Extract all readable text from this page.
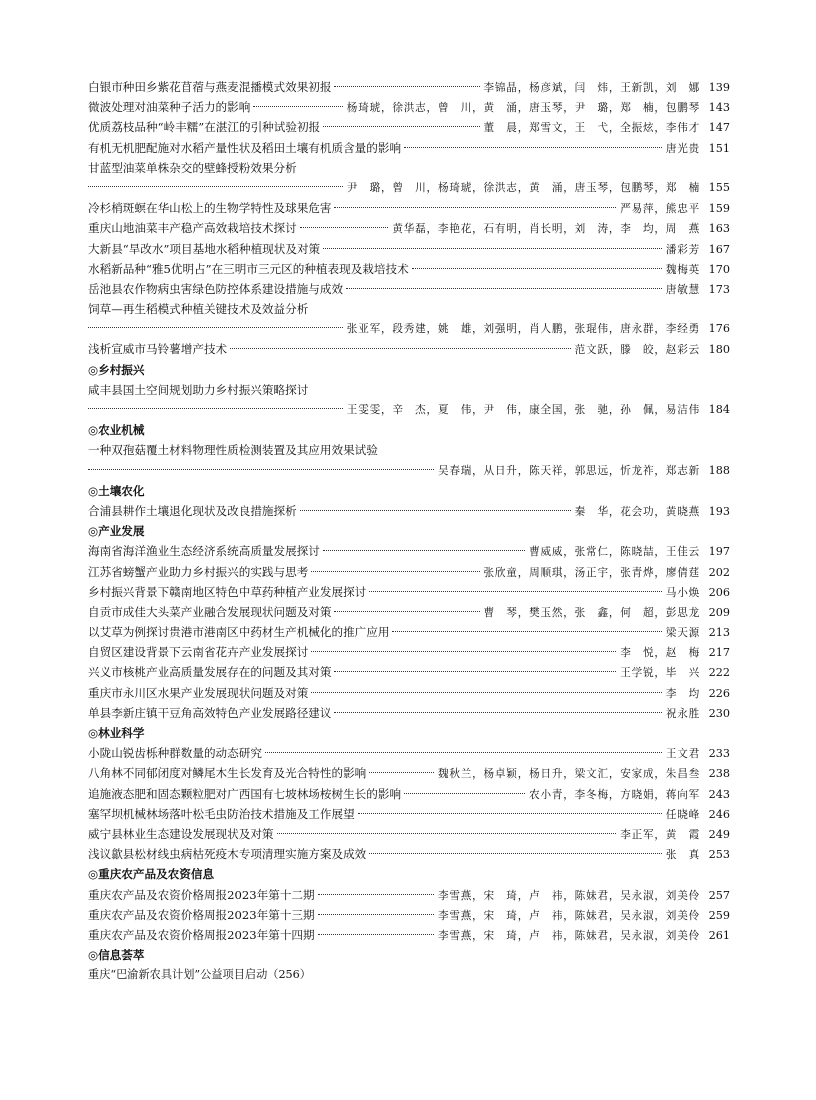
白银市种田乡紫花苜蓿与燕麦混播模式效果初报	李锦晶，杨彦斌，闫　炜，王新凯，刘　娜 139
微波处理对油菜种子活力的影响	杨琦琥，徐洪志，曾　川，黄　涌，唐玉琴，尹　璐，郑　楠，包鹏琴 143
优质荔枝品种“岭丰糯”在湛江的引种试验初报	董　晨，郑雪文，王　弋，全振炫，李伟才 147
有机无机肥配施对水稻产量性状及稻田土壤有机质含量的影响	唐光贵 151
甘蓝型油菜单株杂交的壁蜂授粉效果分析
尹　璐，曾　川，杨琦琥，徐洪志，黄　涌，唐玉琴，包鹏琴，郑　楠 155
冷杉梢斑螟在华山松上的生物学特性及球果危害	严易萍，熊忠平 159
重庆山地油菜丰产稳产高效栽培技术探讨	黄华磊，李艳花，石有明，肖长明，刘　涛，李　均，周　燕 163
大新县“旱改水”项目基地水稻种植现状及对策	潘彩芳 167
水稻新品种“雅5优明占”在三明市三元区的种植表现及栽培技术	魏梅英 170
岳池县农作物病虫害绿色防控体系建设措施与成效	唐敏慧 173
饲草—再生稻模式种植关键技术及效益分析
张亚军，段秀建，姚　雄，刘强明，肖人鹏，张琨伟，唐永群，李经勇 176
浅析宣威市马铃薯增产技术	范文跃，滕　皎，赵彩云 180
◎乡村振兴
咸丰县国土空间规划助力乡村振兴策略探讨
王雯雯，辛　杰，夏　伟，尹　伟，康全国，张　驰，孙　佩，易洁伟 184
◎农业机械
一种双孢菇覆土材料物理性质检测装置及其应用效果试验
吴春瑞，从日升，陈天祥，郭思远，忻龙祚，郑志新 188
◎土壤农化
合浦县耕作土壤退化现状及改良措施探析	秦　华，花会功，黄晓燕 193
◎产业发展
海南省海洋渔业生态经济系统高质量发展探讨	曹威威，张常仁，陈晓喆，王佳云 197
江苏省螃蟹产业助力乡村振兴的实践与思考	张欣童，周顺琪，汤正宇，张青烨，廖倩莛 202
乡村振兴背景下赣南地区特色中草药种植产业发展探讨	马小焕 206
自贡市成佳大头菜产业融合发展现状问题及对策	曹　琴，樊玉然，张　鑫，何　超，彭思龙 209
以艾草为例探讨贵港市港南区中药材生产机械化的推广应用	梁天源 213
自贸区建设背景下云南省花卉产业发展探讨	李　悦，赵　梅 217
兴义市核桃产业高质量发展存在的问题及其对策	王学锐，毕　兴 222
重庆市永川区水果产业发展现状问题及对策	李　均 226
单县李新庄镇干豆角高效特色产业发展路径建议	祝永胜 230
◎林业科学
小陇山锐齿栎种群数量的动态研究	王文君 233
八角林不同郁闭度对鳞尾木生长发育及光合特性的影响	魏秋兰，杨卓颖，杨日升，梁文汇，安家成，朱昌叁 238
追施液态肥和固态颗粒肥对广西国有七坡林场桉树生长的影响	农小青，李冬梅，方晓娟，蒋向军 243
塞罕坝机械林场落叶松毛虫防治技术措施及工作展望	任晓峰 246
威宁县林业生态建设发展现状及对策	李正军，黄　霞 249
浅议歙县松材线虫病枯死疫木专项清理实施方案及成效	张　真 253
◎重庆农产品及农资信息
重庆农产品及农资价格周报2023年第十二期	李雪燕，宋　琦，卢　祎，陈妹君，吴永淑，刘美伶 257
重庆农产品及农资价格周报2023年第十三期	李雪燕，宋　琦，卢　祎，陈妹君，吴永淑，刘美伶 259
重庆农产品及农资价格周报2023年第十四期	李雪燕，宋　琦，卢　祎，陈妹君，吴永淑，刘美伶 261
◎信息荟萃
重庆“巴渝新农具计划”公益项目启动（256）
